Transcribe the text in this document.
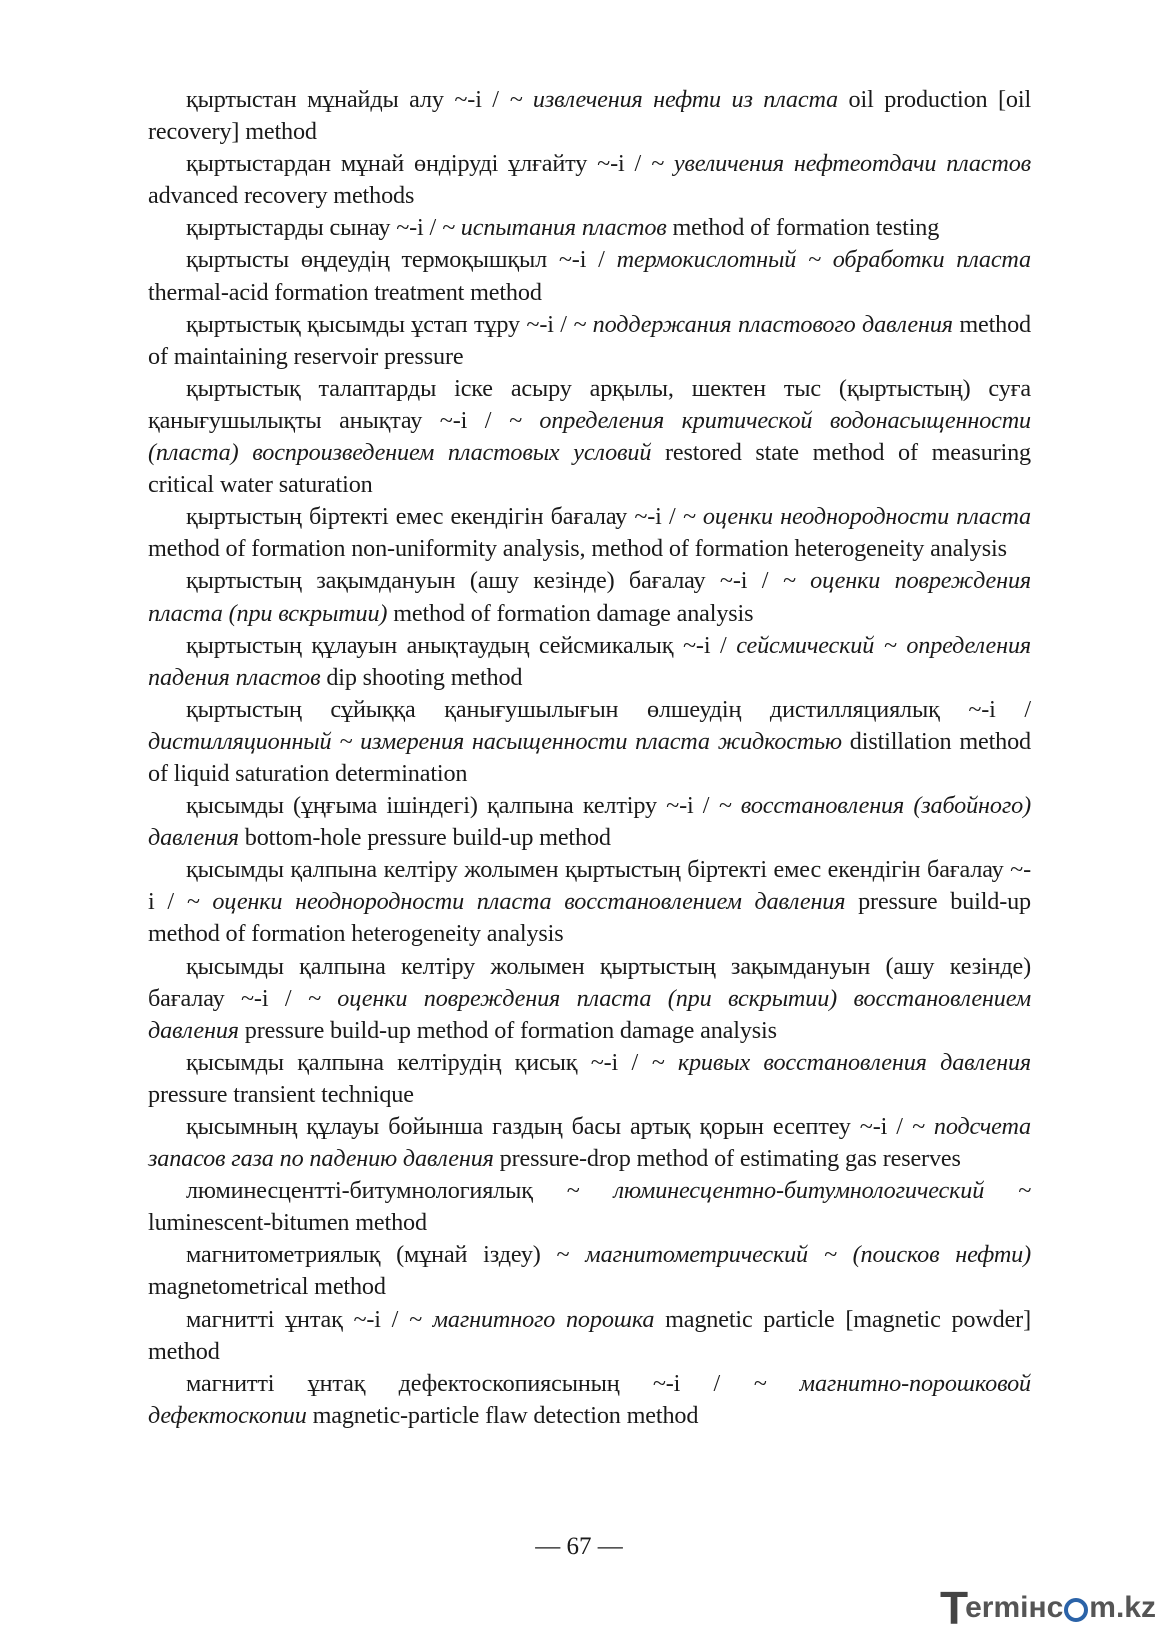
қыртыстан мұнайды алу ~-і / ~ извлечения нефти из пласта oil production [oil recovery] method

қыртыстардан мұнай өндіруді ұлғайту ~-і / ~ увеличения нефтеотдачи пластов advanced recovery methods

қыртыстарды сынау ~-і / ~ испытания пластов method of formation testing

қыртысты өңдеудің термоқышқыл ~-і / термокислотный ~ обработки пласта thermal-acid formation treatment method

қыртыстық қысымды ұстап тұру ~-і / ~ поддержания пластового давления method of maintaining reservoir pressure

қыртыстық талаптарды іске асыру арқылы, шектен тыс (қыртыстың) суға қанығушылықты анықтау ~-і / ~ определения критической водонасыщенности (пласта) воспроизведением пластовых условий restored state method of measuring critical water saturation

қыртыстың біртекті емес екендігін бағалау ~-і / ~ оценки неоднородности пласта method of formation non-uniformity analysis, method of formation heterogeneity analysis

қыртыстың зақымдануын (ашу кезінде) бағалау ~-і / ~ оценки повреждения пласта (при вскрытии) method of formation damage analysis

қыртыстың құлауын анықтаудың сейсмикалық ~-і / сейсмический ~ определения падения пластов dip shooting method

қыртыстың сұйыққа қанығушылығын өлшеудің дистилляциялық ~-і / дистилляционный ~ измерения насыщенности пласта жидкостью distillation method of liquid saturation determination

қысымды (ұңғыма ішіндегі) қалпына келтіру ~-і / ~ восстановления (забойного) давления bottom-hole pressure build-up method

қысымды қалпына келтіру жолымен қыртыстың біртекті емес екендігін бағалау ~-і / ~ оценки неоднородности пласта восстановлением давления pressure build-up method of formation heterogeneity analysis

қысымды қалпына келтіру жолымен қыртыстың зақымдануын (ашу кезінде) бағалау ~-і / ~ оценки повреждения пласта (при вскрытии) восстановлением давления pressure build-up method of formation damage analysis

қысымды қалпына келтірудің қисық ~-і / ~ кривых восстановления давления pressure transient technique

қысымның құлауы бойынша газдың басы артық қорын есептеу ~-і / ~ подсчета запасов газа по падению давления pressure-drop method of estimating gas reserves

люминесцентті-битумнологиялық ~ люминесцентно-битумнологический ~ luminescent-bitumen method

магнитометриялық (мұнай іздеу) ~ магнитометрический ~ (поисков нефти) magnetometrical method

магнитті ұнтақ ~-і / ~ магнитного порошка magnetic particle [magnetic powder] method

магнитті ұнтақ дефектоскопиясының ~-і / ~ магнитно-порошковой дефектоскопии magnetic-particle flaw detection method

— 67 —
T
ermінc m.kz
